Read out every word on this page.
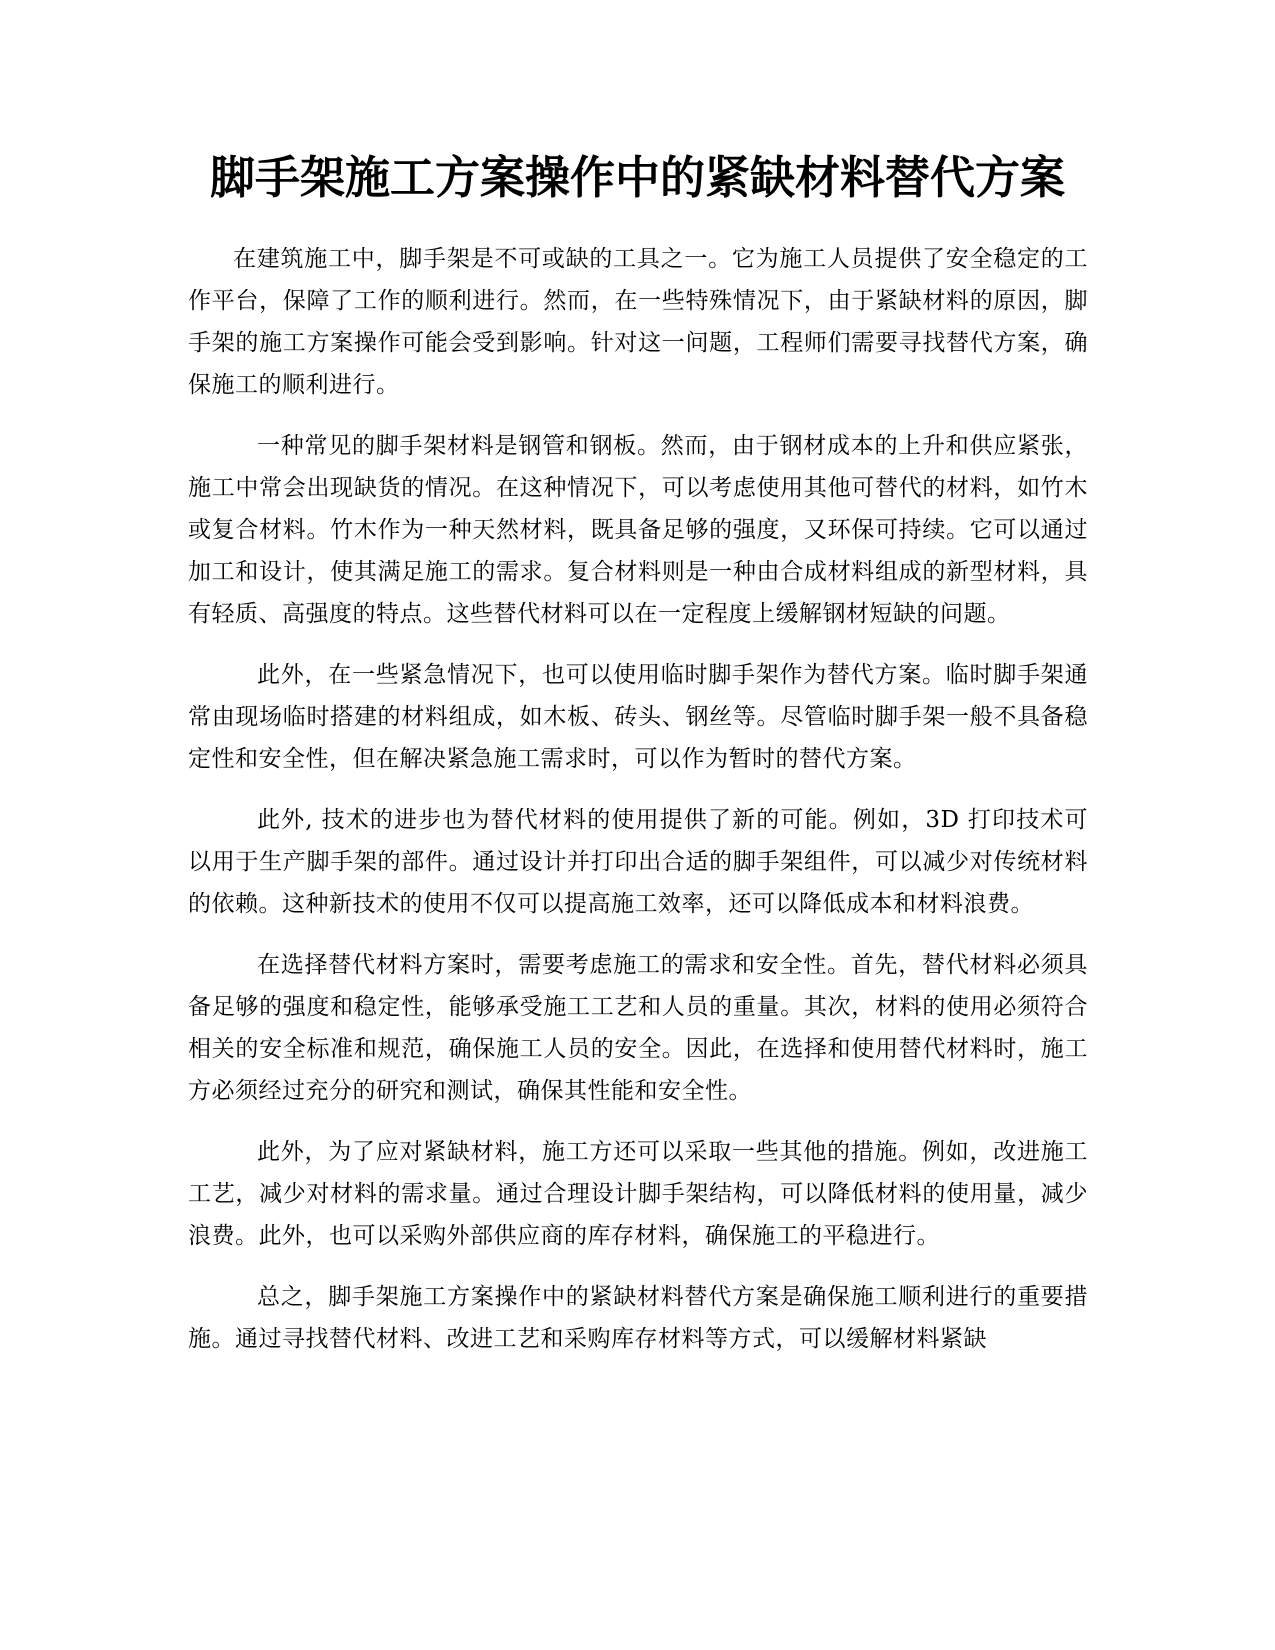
脚手架施工方案操作中的紧缺材料替代方案

在建筑施工中，脚手架是不可或缺的工具之一。它为施工人员提供了安全稳定的工作平台，保障了工作的顺利进行。然而，在一些特殊情况下，由于紧缺材料的原因，脚手架的施工方案操作可能会受到影响。针对这一问题，工程师们需要寻找替代方案，确保施工的顺利进行。

一种常见的脚手架材料是钢管和钢板。然而，由于钢材成本的上升和供应紧张，施工中常会出现缺货的情况。在这种情况下，可以考虑使用其他可替代的材料，如竹木或复合材料。竹木作为一种天然材料，既具备足够的强度，又环保可持续。它可以通过加工和设计，使其满足施工的需求。复合材料则是一种由合成材料组成的新型材料，具有轻质、高强度的特点。这些替代材料可以在一定程度上缓解钢材短缺的问题。

此外，在一些紧急情况下，也可以使用临时脚手架作为替代方案。临时脚手架通常由现场临时搭建的材料组成，如木板、砖头、钢丝等。尽管临时脚手架一般不具备稳定性和安全性，但在解决紧急施工需求时，可以作为暂时的替代方案。

此外, 技术的进步也为替代材料的使用提供了新的可能。例如，3D 打印技术可以用于生产脚手架的部件。通过设计并打印出合适的脚手架组件，可以减少对传统材料的依赖。这种新技术的使用不仅可以提高施工效率，还可以降低成本和材料浪费。

在选择替代材料方案时，需要考虑施工的需求和安全性。首先，替代材料必须具备足够的强度和稳定性，能够承受施工工艺和人员的重量。其次，材料的使用必须符合相关的安全标准和规范，确保施工人员的安全。因此，在选择和使用替代材料时，施工方必须经过充分的研究和测试，确保其性能和安全性。

此外，为了应对紧缺材料，施工方还可以采取一些其他的措施。例如，改进施工工艺，减少对材料的需求量。通过合理设计脚手架结构，可以降低材料的使用量，减少浪费。此外，也可以采购外部供应商的库存材料，确保施工的平稳进行。

总之，脚手架施工方案操作中的紧缺材料替代方案是确保施工顺利进行的重要措施。通过寻找替代材料、改进工艺和采购库存材料等方式，可以缓解材料紧缺
